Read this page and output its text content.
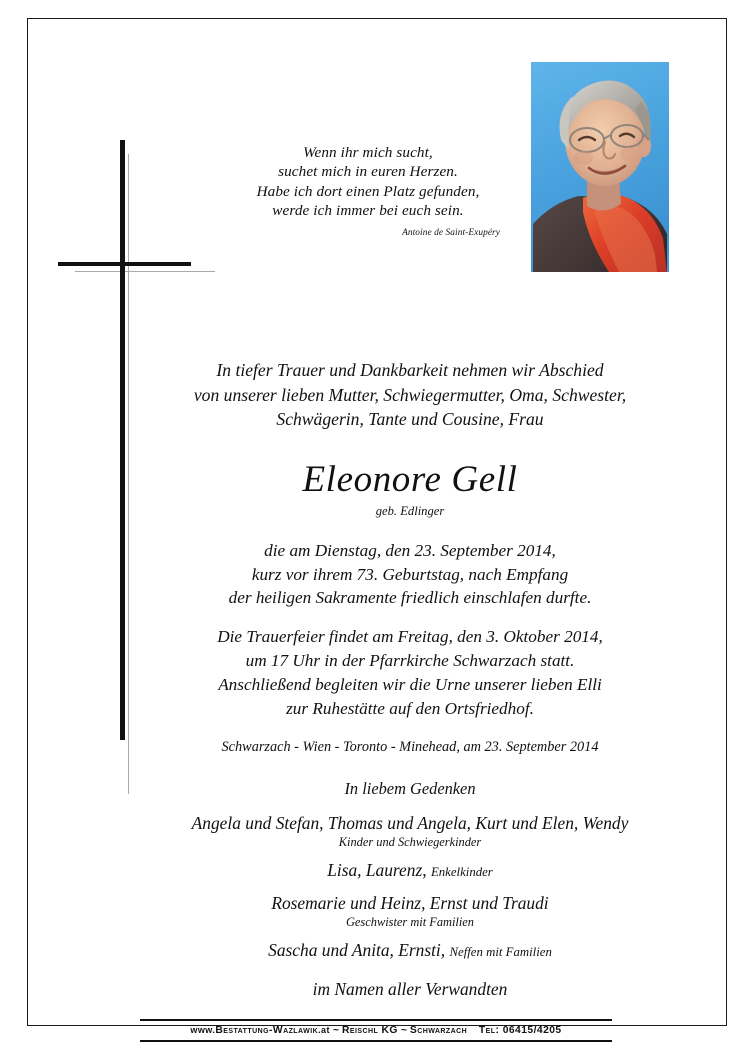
Wenn ihr mich sucht,
suchet mich in euren Herzen.
Habe ich dort einen Platz gefunden,
werde ich immer bei euch sein.
Antoine de Saint-Exupéry
In tiefer Trauer und Dankbarkeit nehmen wir Abschied
von unserer lieben Mutter, Schwiegermutter, Oma, Schwester,
Schwägerin, Tante und Cousine, Frau
Eleonore Gell
geb. Edlinger
die am Dienstag, den 23. September 2014,
kurz vor ihrem 73. Geburtstag, nach Empfang
der heiligen Sakramente friedlich einschlafen durfte.
Die Trauerfeier findet am Freitag, den 3. Oktober 2014,
um 17 Uhr in der Pfarrkirche Schwarzach statt.
Anschließend begleiten wir die Urne unserer lieben Elli
zur Ruhestätte auf den Ortsfriedhof.
Schwarzach - Wien - Toronto - Minehead, am 23. September 2014
In liebem Gedenken
Angela und Stefan, Thomas und Angela, Kurt und Elen, Wendy
Kinder und Schwiegerkinder
Lisa, Laurenz, Enkelkinder
Rosemarie und Heinz, Ernst und Traudi
Geschwister mit Familien
Sascha und Anita, Ernsti, Neffen mit Familien
im Namen aller Verwandten
www.Bestattung-Wazlawik.at ~ Reischl KG ~ Schwarzach Tel: 06415/4205
